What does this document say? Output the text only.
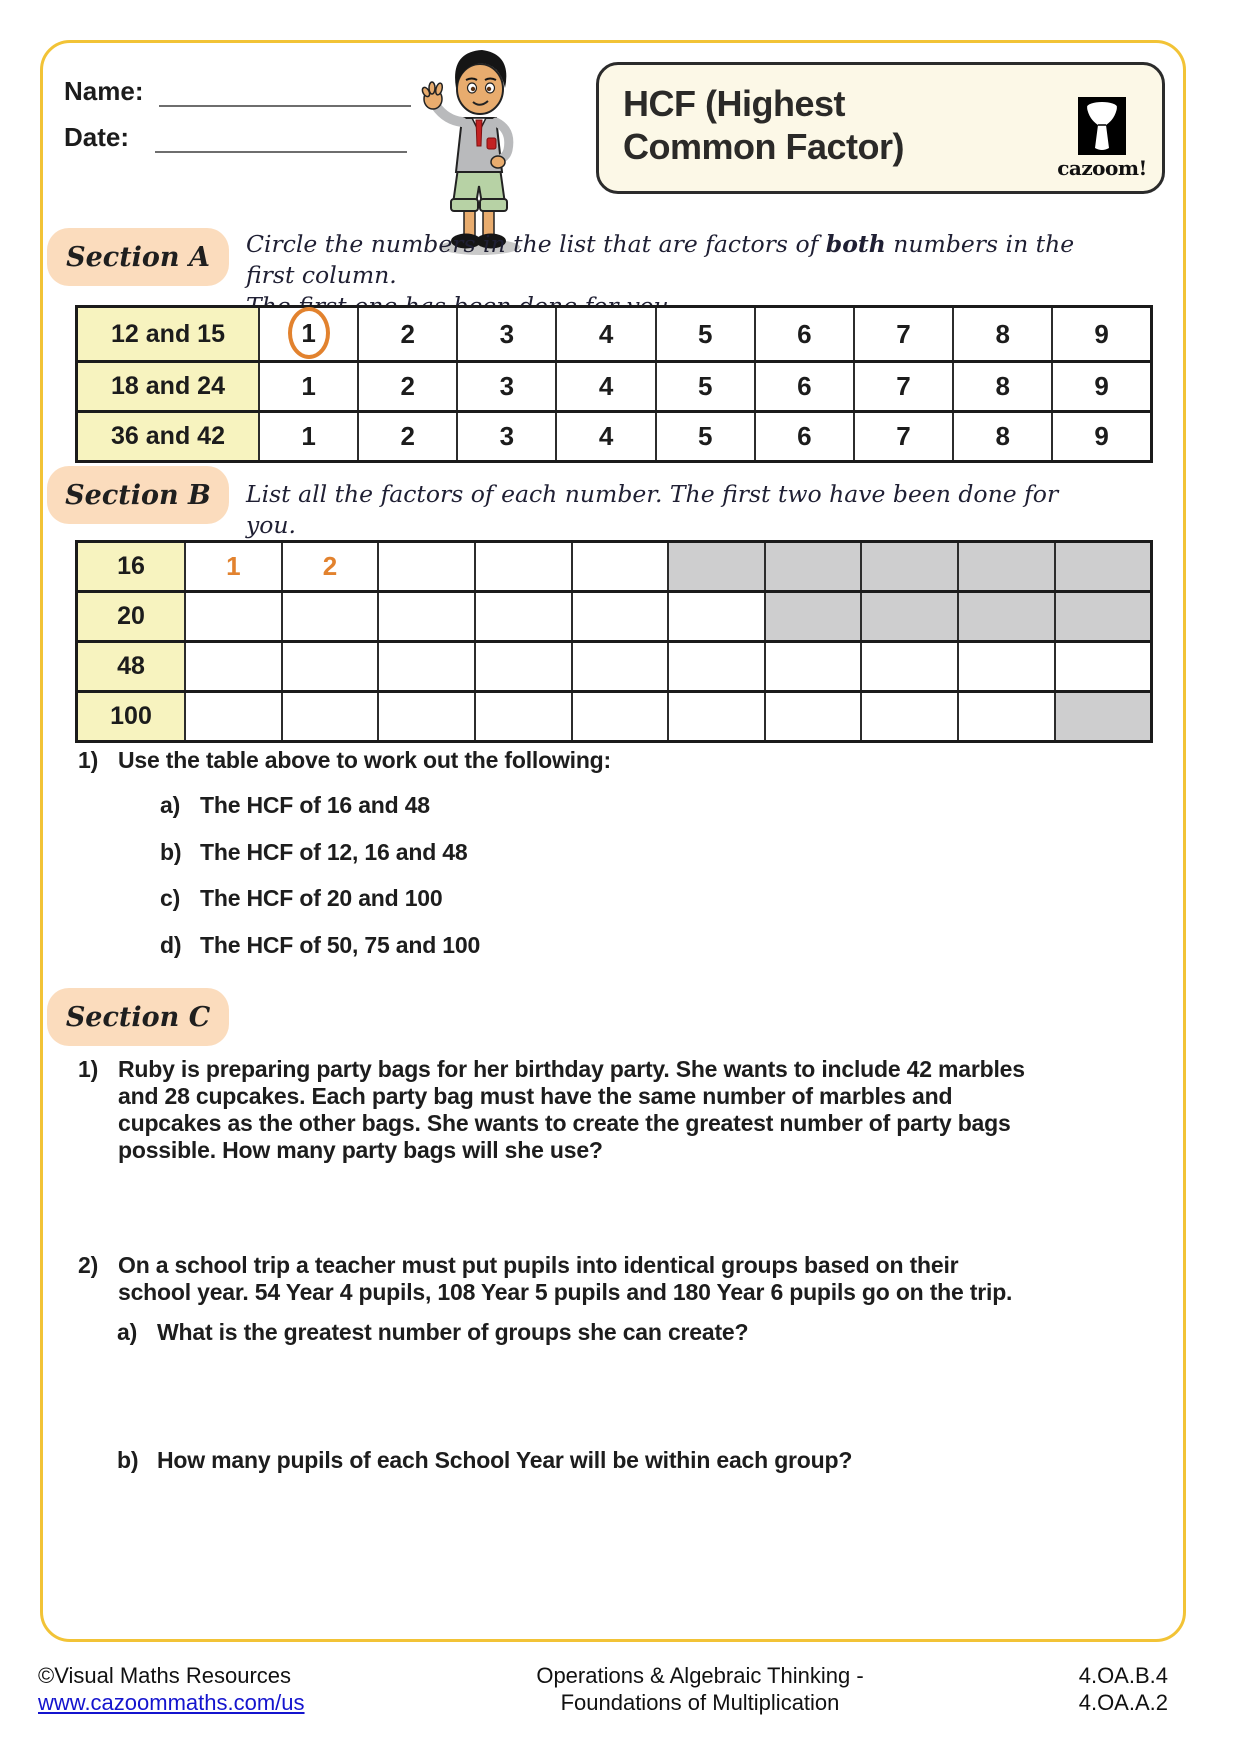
Name:
Date:
HCF (Highest
Common Factor)
cazoom!
Section A	Circle the numbers in the list that are factors of both numbers in the first column.
12 and 15	1	2	3	4	5	6	7	8	9
18 and 24	1	2	3	4	5	6	7	8	9
36 and 42	1	2	3	4	5	6	7	8	9
Section B	List all the factors of each number. The first two have been done for you.
16	1	2								
20										
48										
100										
1) Use the table above to work out the following:
a) The HCF of 16 and 48
b) The HCF of 12, 16 and 48
c) The HCF of 20 and 100
d) The HCF of 50, 75 and 100
Section C
1) Ruby is preparing party bags for her birthday party. She wants to include 42 marbles and 28 cupcakes. Each party bag must have the same number of marbles and cupcakes as the other bags. She wants to create the greatest number of party bags possible. How many party bags will she use?
2) On a school trip a teacher must put pupils into identical groups based on their school year. 54 Year 4 pupils, 108 Year 5 pupils and 180 Year 6 pupils go on the trip.
a) What is the greatest number of groups she can create?
b) How many pupils of each School Year will be within each group?
©Visual Maths Resources
www.cazoommaths.com/us
Operations & Algebraic Thinking -
Foundations of Multiplication
4.OA.B.4
4.OA.A.2
